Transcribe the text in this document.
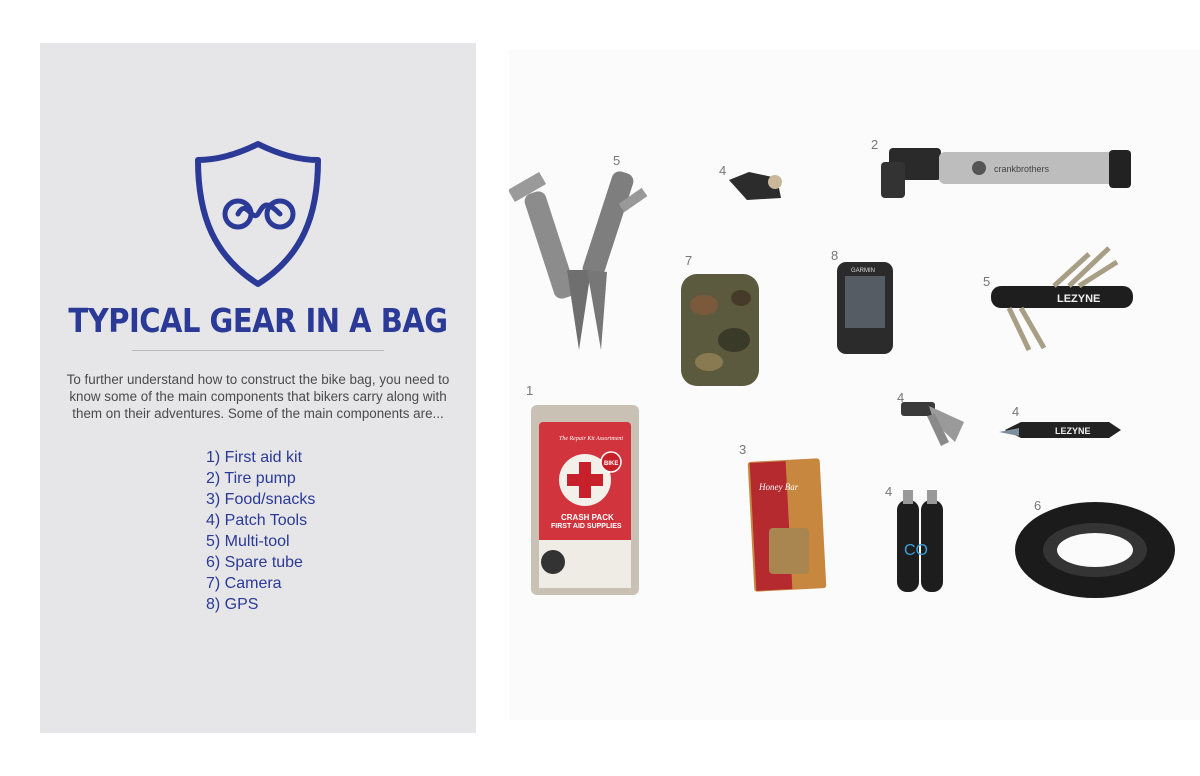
TYPICAL GEAR IN A BAG
To further understand how to construct the bike bag, you need to know some of the main components that bikers carry along with them on their adventures. Some of the main components are...
1) First aid kit
2) Tire pump
3) Food/snacks
4) Patch Tools
5) Multi-tool
6) Spare tube
7) Camera
8) GPS
5
4	crankbrothers
2
7
GARMIN
8
LEZYNE
5
BIKE
The Repair Kit Assortment
CRASH PACK
FIRST AID SUPPLIES
1
Honey Bar
3
4
LEZYNE
4
CO
4
6
